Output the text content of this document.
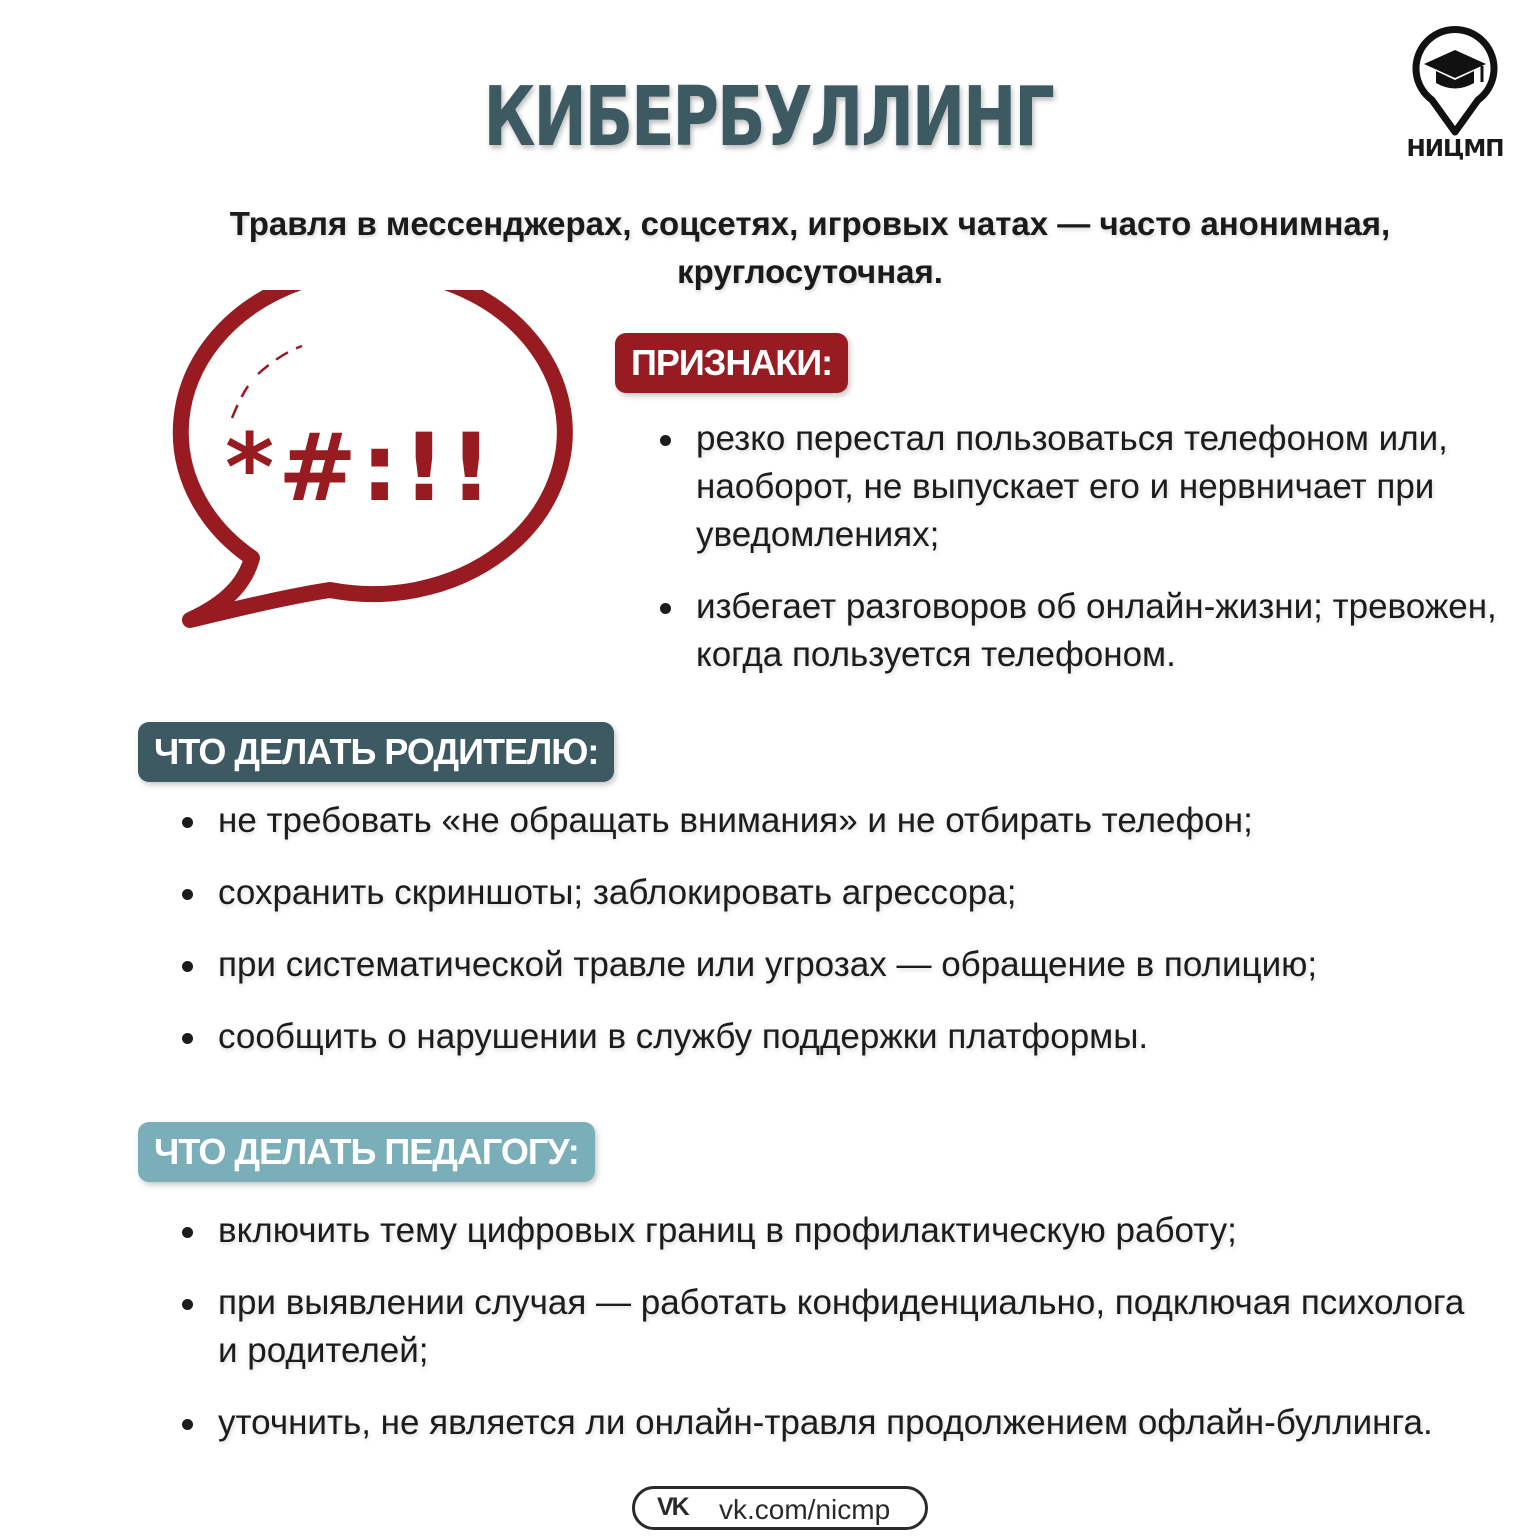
КИБЕРБУЛЛИНГ	НИЦМП
Травля в мессенджерах, соцсетях, игровых чатах — часто анонимная, круглосуточная.
*#:!!
ПРИЗНАКИ:
резко перестал пользоваться телефоном или, наоборот, не выпускает его и нервничает при уведомлениях;
избегает разговоров об онлайн-жизни; тревожен, когда пользуется телефоном.
ЧТО ДЕЛАТЬ РОДИТЕЛЮ:
не требовать «не обращать внимания» и не отбирать телефон;
сохранить скриншоты; заблокировать агрессора;
при систематической травле или угрозах — обращение в полицию;
сообщить о нарушении в службу поддержки платформы.
ЧТО ДЕЛАТЬ ПЕДАГОГУ:
включить тему цифровых границ в профилактическую работу;
при выявлении случая — работать конфиденциально, подключая психолога и родителей;
уточнить, не является ли онлайн-травля продолжением офлайн-буллинга.
VK vk.com/nicmp
